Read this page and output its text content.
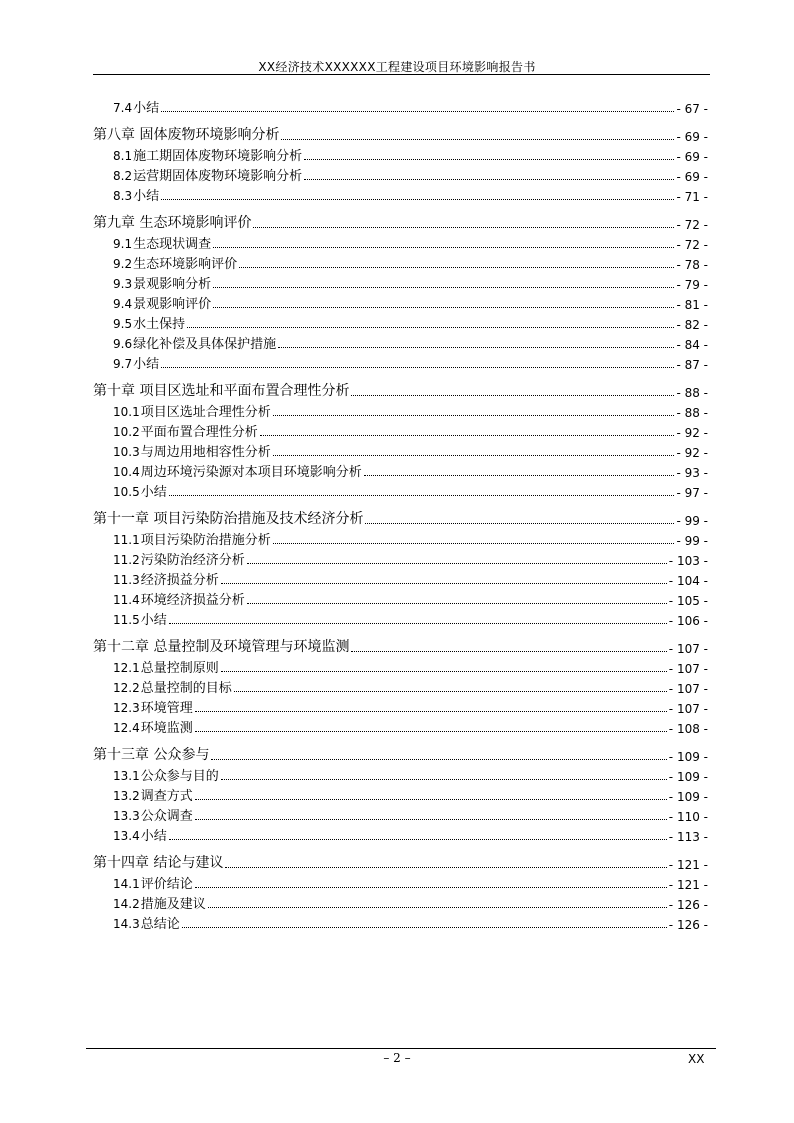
XX经济技术XXXXXX工程建设项目环境影响报告书
7.4小结	- 67 -
第八章 固体废物环境影响分析	- 69 -
8.1施工期固体废物环境影响分析	- 69 -
8.2运营期固体废物环境影响分析	- 69 -
8.3小结	- 71 -
第九章 生态环境影响评价	- 72 -
9.1生态现状调查	- 72 -
9.2生态环境影响评价	- 78 -
9.3景观影响分析	- 79 -
9.4景观影响评价	- 81 -
9.5水土保持	- 82 -
9.6绿化补偿及具体保护措施	- 84 -
9.7小结	- 87 -
第十章 项目区选址和平面布置合理性分析	- 88 -
10.1项目区选址合理性分析	- 88 -
10.2平面布置合理性分析	- 92 -
10.3与周边用地相容性分析	- 92 -
10.4周边环境污染源对本项目环境影响分析	- 93 -
10.5小结	- 97 -
第十一章 项目污染防治措施及技术经济分析	- 99 -
11.1项目污染防治措施分析	- 99 -
11.2污染防治经济分析	- 103 -
11.3经济损益分析	- 104 -
11.4环境经济损益分析	- 105 -
11.5小结	- 106 -
第十二章 总量控制及环境管理与环境监测	- 107 -
12.1总量控制原则	- 107 -
12.2总量控制的目标	- 107 -
12.3环境管理	- 107 -
12.4环境监测	- 108 -
第十三章 公众参与	- 109 -
13.1公众参与目的	- 109 -
13.2调查方式	- 109 -
13.3公众调查	- 110 -
13.4小结	- 113 -
第十四章 结论与建议	- 121 -
14.1评价结论	- 121 -
14.2措施及建议	- 126 -
14.3总结论	- 126 -
– 2 –	XX
